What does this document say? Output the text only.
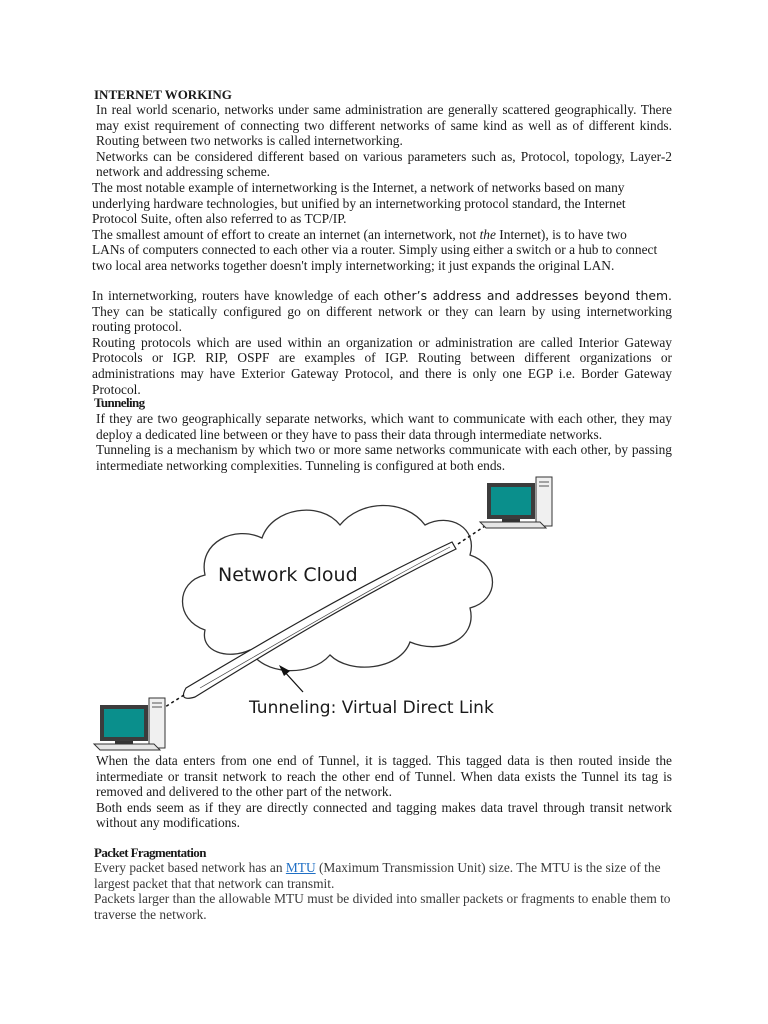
INTERNET WORKING

In real world scenario, networks under same administration are generally scattered geographically. There may exist requirement of connecting two different networks of same kind as well as of different kinds. Routing between two networks is called internetworking.

Networks can be considered different based on various parameters such as, Protocol, topology, Layer-2 network and addressing scheme.

The most notable example of internetworking is the Internet, a network of networks based on many underlying hardware technologies, but unified by an internetworking protocol standard, the Internet Protocol Suite, often also referred to as TCP/IP.

The smallest amount of effort to create an internet (an internetwork, not the Internet), is to have two LANs of computers connected to each other via a router. Simply using either a switch or a hub to connect two local area networks together doesn't imply internetworking; it just expands the original LAN.

In internetworking, routers have knowledge of each other’s address and addresses beyond them. They can be statically configured go on different network or they can learn by using internetworking routing protocol.

Routing protocols which are used within an organization or administration are called Interior Gateway Protocols or IGP. RIP, OSPF are examples of IGP. Routing between different organizations or administrations may have Exterior Gateway Protocol, and there is only one EGP i.e. Border Gateway Protocol.

Tunneling

If they are two geographically separate networks, which want to communicate with each other, they may deploy a dedicated line between or they have to pass their data through intermediate networks.

Tunneling is a mechanism by which two or more same networks communicate with each other, by passing intermediate networking complexities. Tunneling is configured at both ends.

Network Cloud
Tunneling: Virtual Direct Link

When the data enters from one end of Tunnel, it is tagged. This tagged data is then routed inside the intermediate or transit network to reach the other end of Tunnel. When data exists the Tunnel its tag is removed and delivered to the other part of the network.

Both ends seem as if they are directly connected and tagging makes data travel through transit network without any modifications.

Packet Fragmentation

Every packet based network has an MTU (Maximum Transmission Unit) size. The MTU is the size of the largest packet that that network can transmit.

Packets larger than the allowable MTU must be divided into smaller packets or fragments to enable them to traverse the network.
